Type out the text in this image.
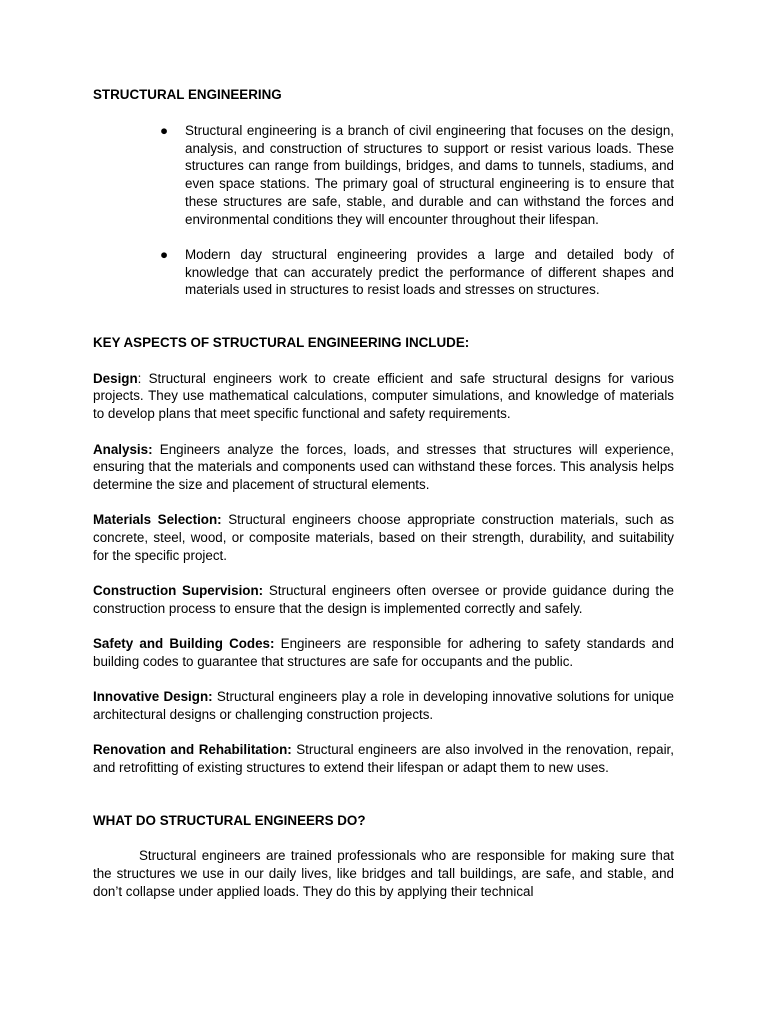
STRUCTURAL ENGINEERING

● Structural engineering is a branch of civil engineering that focuses on the design, analysis, and construction of structures to support or resist various loads. These structures can range from buildings, bridges, and dams to tunnels, stadiums, and even space stations. The primary goal of structural engineering is to ensure that these structures are safe, stable, and durable and can withstand the forces and environmental conditions they will encounter throughout their lifespan.
● Modern day structural engineering provides a large and detailed body of knowledge that can accurately predict the performance of different shapes and materials used in structures to resist loads and stresses on structures.

KEY ASPECTS OF STRUCTURAL ENGINEERING INCLUDE:

Design: Structural engineers work to create efficient and safe structural designs for various projects. They use mathematical calculations, computer simulations, and knowledge of materials to develop plans that meet specific functional and safety requirements.

Analysis: Engineers analyze the forces, loads, and stresses that structures will experience, ensuring that the materials and components used can withstand these forces. This analysis helps determine the size and placement of structural elements.

Materials Selection: Structural engineers choose appropriate construction materials, such as concrete, steel, wood, or composite materials, based on their strength, durability, and suitability for the specific project.

Construction Supervision: Structural engineers often oversee or provide guidance during the construction process to ensure that the design is implemented correctly and safely.

Safety and Building Codes: Engineers are responsible for adhering to safety standards and building codes to guarantee that structures are safe for occupants and the public.

Innovative Design: Structural engineers play a role in developing innovative solutions for unique architectural designs or challenging construction projects.

Renovation and Rehabilitation: Structural engineers are also involved in the renovation, repair, and retrofitting of existing structures to extend their lifespan or adapt them to new uses.

WHAT DO STRUCTURAL ENGINEERS DO?

Structural engineers are trained professionals who are responsible for making sure that the structures we use in our daily lives, like bridges and tall buildings, are safe, and stable, and don’t collapse under applied loads. They do this by applying their technical
